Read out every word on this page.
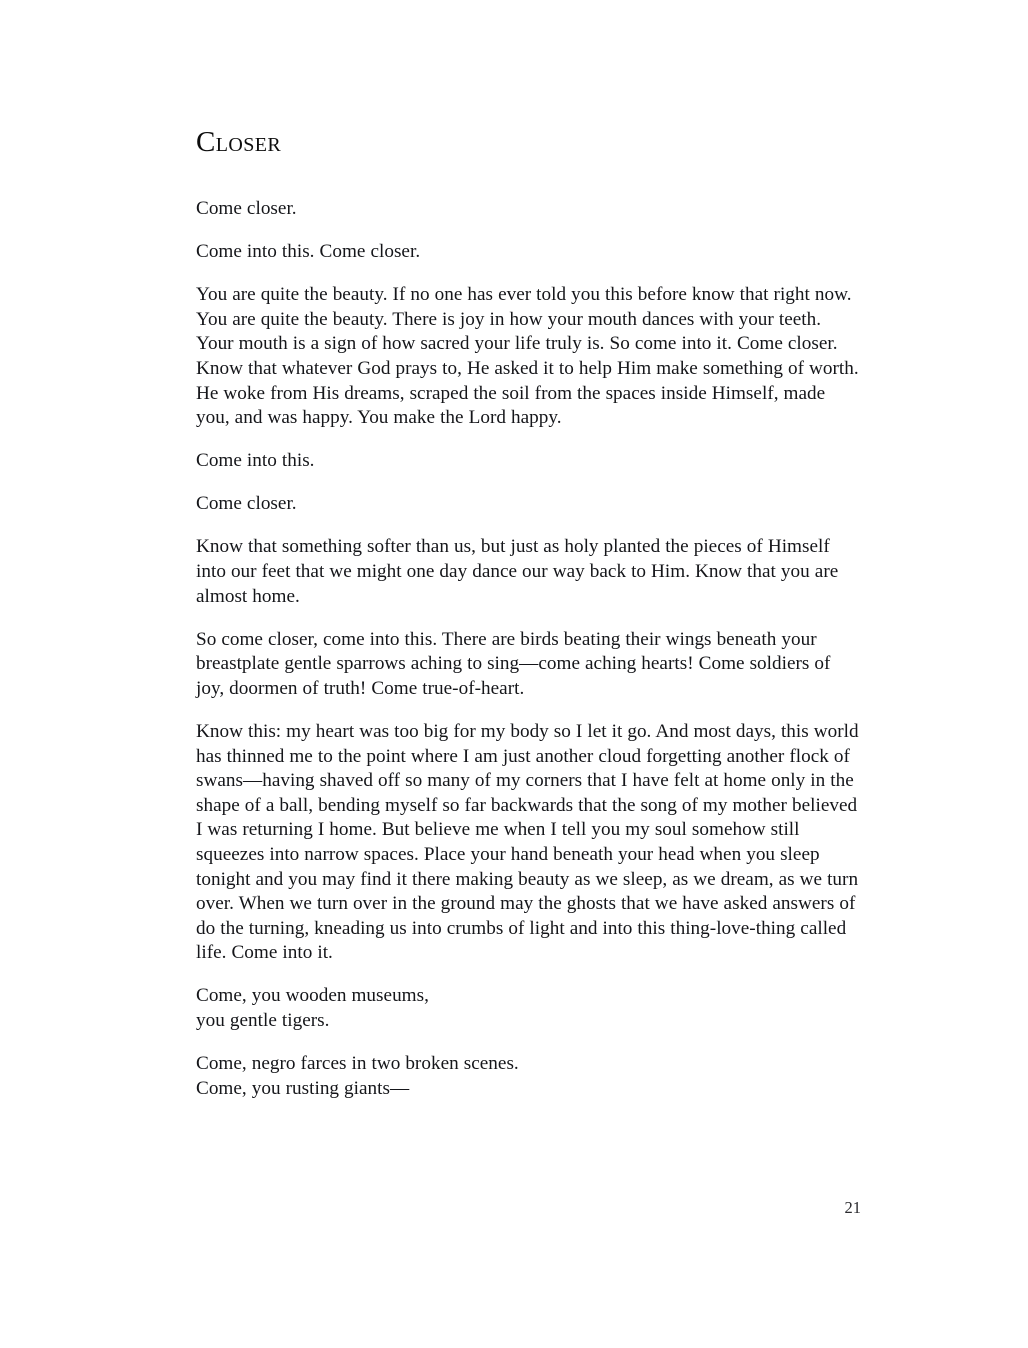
Closer

Come closer.

Come into this. Come closer.

You are quite the beauty. If no one has ever told you this before know that right now. You are quite the beauty. There is joy in how your mouth dances with your teeth. Your mouth is a sign of how sacred your life truly is. So come into it. Come closer. Know that whatever God prays to, He asked it to help Him make something of worth. He woke from His dreams, scraped the soil from the spaces inside Himself, made you, and was happy. You make the Lord happy.

Come into this.

Come closer.

Know that something softer than us, but just as holy planted the pieces of Himself into our feet that we might one day dance our way back to Him. Know that you are almost home.

So come closer, come into this. There are birds beating their wings beneath your breastplate gentle sparrows aching to sing—come aching hearts! Come soldiers of joy, doormen of truth! Come true-of-heart.

Know this: my heart was too big for my body so I let it go. And most days, this world has thinned me to the point where I am just another cloud forgetting another flock of swans—having shaved off so many of my corners that I have felt at home only in the shape of a ball, bending myself so far backwards that the song of my mother believed I was returning I home. But believe me when I tell you my soul somehow still squeezes into narrow spaces. Place your hand beneath your head when you sleep tonight and you may find it there making beauty as we sleep, as we dream, as we turn over. When we turn over in the ground may the ghosts that we have asked answers of do the turning, kneading us into crumbs of light and into this thing-love-thing called life. Come into it.

Come, you wooden museums,
you gentle tigers.

Come, negro farces in two broken scenes.
Come, you rusting giants—

21
